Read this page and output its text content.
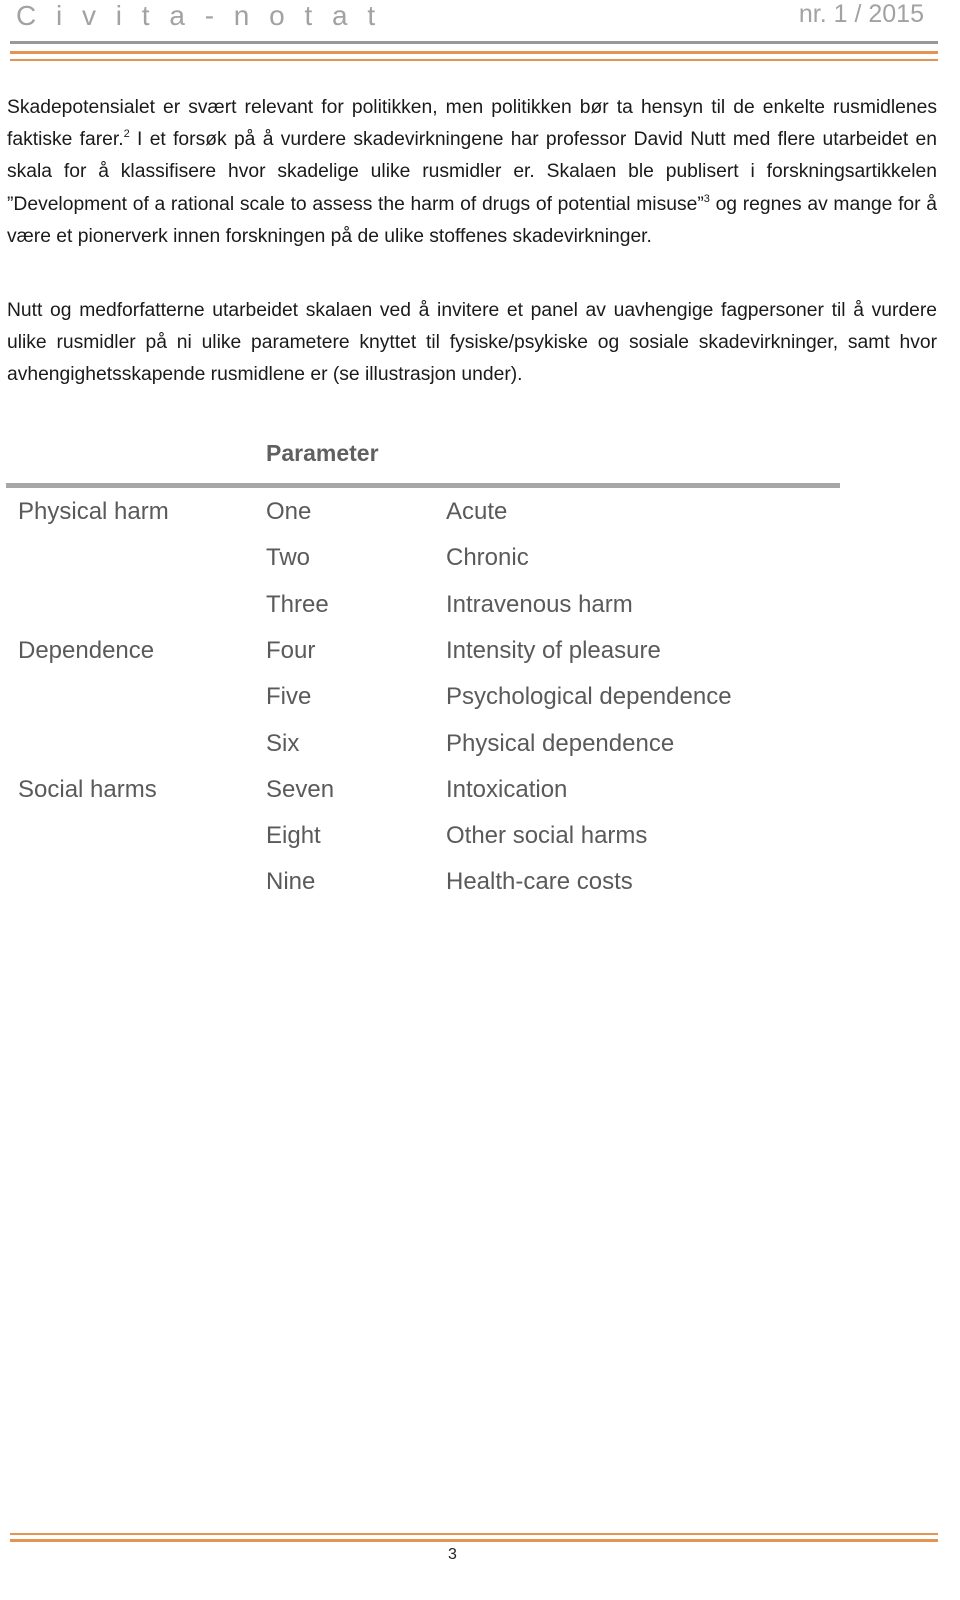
C i v i t a - n o t a t	nr. 1 / 2015

Skadepotensialet er svært relevant for politikken, men politikken bør ta hensyn til de enkelte rusmidlenes faktiske farer.$^2$ I et forsøk på å vurdere skadevirkningene har professor David Nutt med flere utarbeidet en skala for å klassifisere hvor skadelige ulike rusmidler er. Skalaen ble publisert i forskningsartikkelen ”Development of a rational scale to assess the harm of drugs of potential misuse”$^3$ og regnes av mange for å være et pionerverk innen forskningen på de ulike stoffenes skadevirkninger.

Nutt og medforfatterne utarbeidet skalaen ved å invitere et panel av uavhengige fagpersoner til å vurdere ulike rusmidler på ni ulike parametere knyttet til fysiske/psykiske og sosiale skadevirkninger, samt hvor avhengighetsskapende rusmidlene er (se illustrasjon under).

Parameter
Physical harm	One	Acute
Two	Chronic
Three	Intravenous harm
Dependence	Four	Intensity of pleasure
Five	Psychological dependence
Six	Physical dependence
Social harms	Seven	Intoxication
Eight	Other social harms
Nine	Health-care costs
3
